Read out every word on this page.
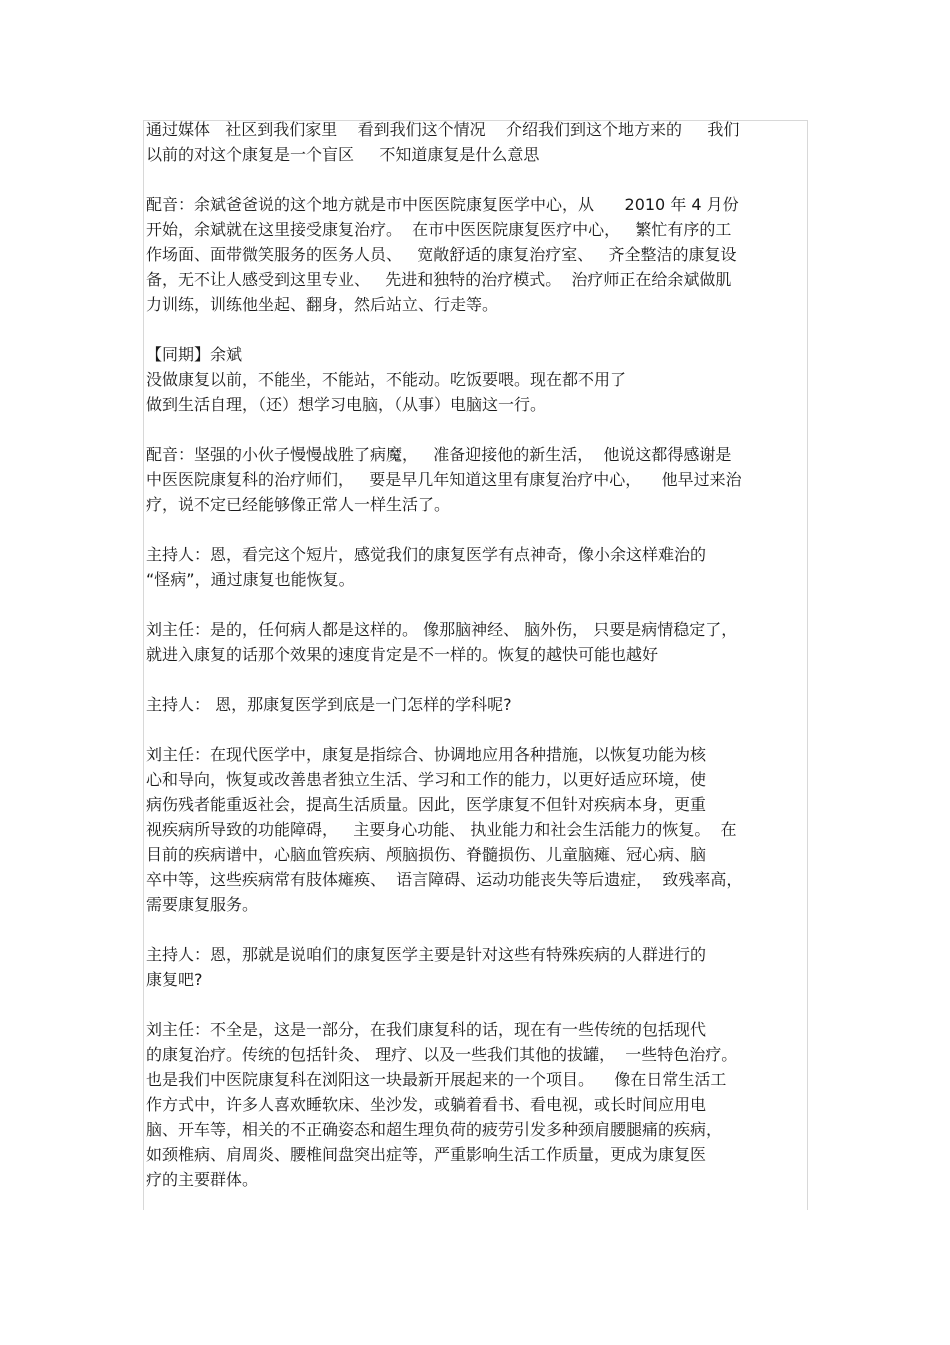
通过媒体   社区到我们家里    看到我们这个情况    介绍我们到这个地方来的     我们
以前的对这个康复是一个盲区     不知道康复是什么意思
配音：余斌爸爸说的这个地方就是市中医医院康复医学中心，从      2010 年 4 月份
开始，余斌就在这里接受康复治疗。  在市中医医院康复医疗中心，   繁忙有序的工
作场面、面带微笑服务的医务人员、   宽敞舒适的康复治疗室、   齐全整洁的康复设
备，无不让人感受到这里专业、   先进和独特的治疗模式。  治疗师正在给余斌做肌
力训练，训练他坐起、翻身，然后站立、行走等。
【同期】余斌
没做康复以前，不能坐，不能站，不能动。吃饭要喂。现在都不用了
做到生活自理，（还）想学习电脑，（从事）电脑这一行。
配音：坚强的小伙子慢慢战胜了病魔，   准备迎接他的新生活，  他说这都得感谢是
中医医院康复科的治疗师们，   要是早几年知道这里有康复治疗中心，    他早过来治
疗，说不定已经能够像正常人一样生活了。
主持人：恩，看完这个短片，感觉我们的康复医学有点神奇，像小余这样难治的
“怪病”，通过康复也能恢复。
刘主任：是的，任何病人都是这样的。 像那脑神经、 脑外伤， 只要是病情稳定了，
就进入康复的话那个效果的速度肯定是不一样的。恢复的越快可能也越好
主持人： 恩，那康复医学到底是一门怎样的学科呢?
刘主任：在现代医学中，康复是指综合、协调地应用各种措施，以恢复功能为核
心和导向，恢复或改善患者独立生活、学习和工作的能力，以更好适应环境，使
病伤残者能重返社会，提高生活质量。因此，医学康复不但针对疾病本身，更重
视疾病所导致的功能障碍，   主要身心功能、 执业能力和社会生活能力的恢复。  在
目前的疾病谱中，心脑血管疾病、颅脑损伤、脊髓损伤、儿童脑瘫、冠心病、脑
卒中等，这些疾病常有肢体瘫痪、  语言障碍、运动功能丧失等后遗症，  致残率高，
需要康复服务。
主持人：恩，那就是说咱们的康复医学主要是针对这些有特殊疾病的人群进行的
康复吧?
刘主任：不全是，这是一部分，在我们康复科的话，现在有一些传统的包括现代
的康复治疗。传统的包括针灸、 理疗、以及一些我们其他的拔罐，  一些特色治疗。
也是我们中医院康复科在浏阳这一块最新开展起来的一个项目。    像在日常生活工
作方式中，许多人喜欢睡软床、坐沙发，或躺着看书、看电视，或长时间应用电
脑、开车等，相关的不正确姿态和超生理负荷的疲劳引发多种颈肩腰腿痛的疾病，
如颈椎病、肩周炎、腰椎间盘突出症等，严重影响生活工作质量，更成为康复医
疗的主要群体。
